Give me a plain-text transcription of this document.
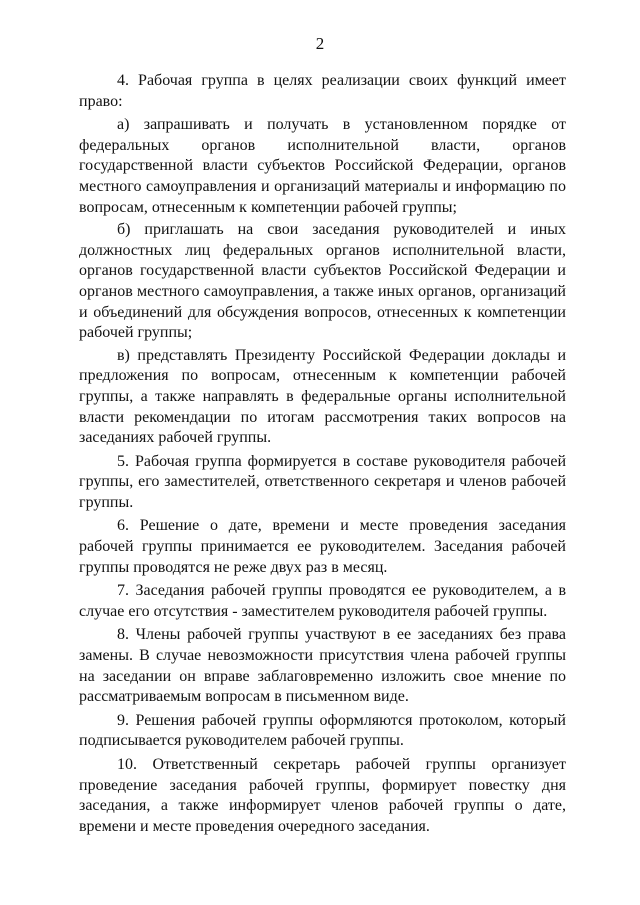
2

4. Рабочая группа в целях реализации своих функций имеет право:

а) запрашивать и получать в установленном порядке от федеральных органов исполнительной власти, органов государственной власти субъектов Российской Федерации, органов местного самоуправления и организаций материалы и информацию по вопросам, отнесенным к компетенции рабочей группы;

б) приглашать на свои заседания руководителей и иных должностных лиц федеральных органов исполнительной власти, органов государственной власти субъектов Российской Федерации и органов местного самоуправления, а также иных органов, организаций и объединений для обсуждения вопросов, отнесенных к компетенции рабочей группы;

в) представлять Президенту Российской Федерации доклады и предложения по вопросам, отнесенным к компетенции рабочей группы, а также направлять в федеральные органы исполнительной власти рекомендации по итогам рассмотрения таких вопросов на заседаниях рабочей группы.

5. Рабочая группа формируется в составе руководителя рабочей группы, его заместителей, ответственного секретаря и членов рабочей группы.

6. Решение о дате, времени и месте проведения заседания рабочей группы принимается ее руководителем. Заседания рабочей группы проводятся не реже двух раз в месяц.

7. Заседания рабочей группы проводятся ее руководителем, а в случае его отсутствия - заместителем руководителя рабочей группы.

8. Члены рабочей группы участвуют в ее заседаниях без права замены. В случае невозможности присутствия члена рабочей группы на заседании он вправе заблаговременно изложить свое мнение по рассматриваемым вопросам в письменном виде.

9. Решения рабочей группы оформляются протоколом, который подписывается руководителем рабочей группы.

10. Ответственный секретарь рабочей группы организует проведение заседания рабочей группы, формирует повестку дня заседания, а также информирует членов рабочей группы о дате, времени и месте проведения очередного заседания.
